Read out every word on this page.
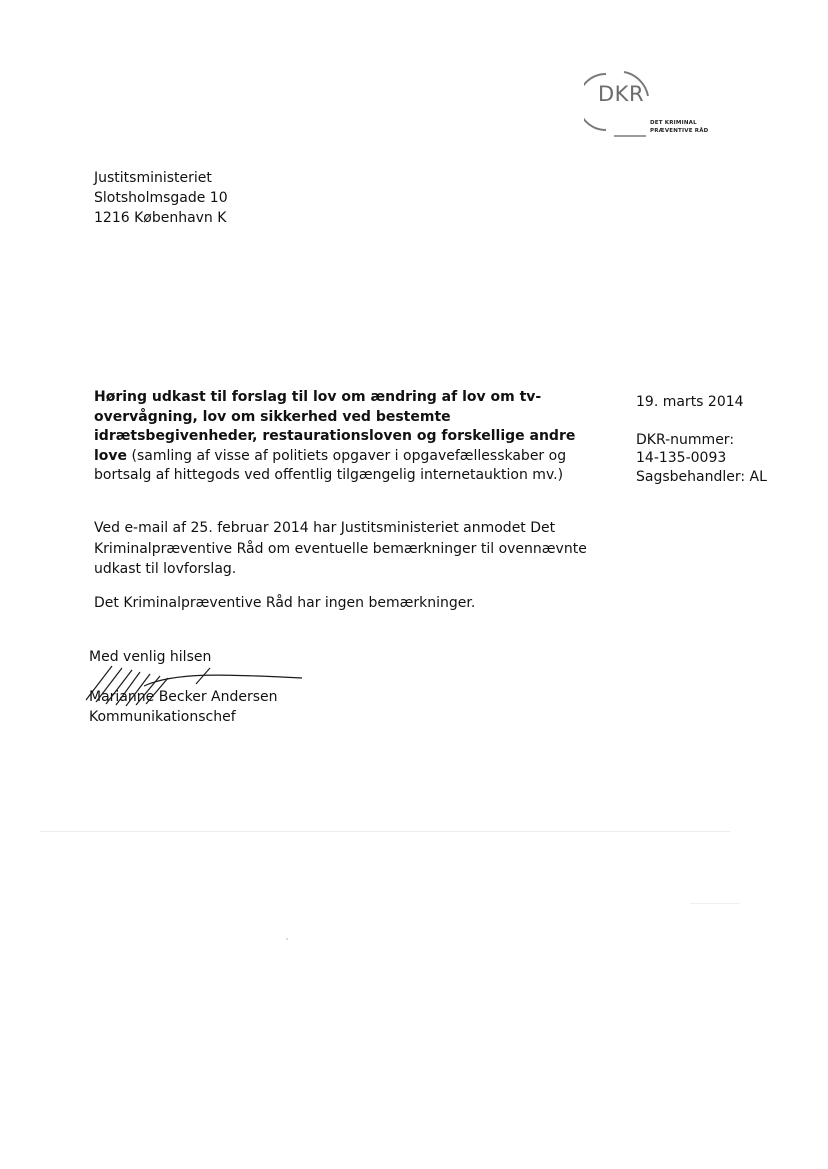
DKR
DET KRIMINAL
PRÆVENTIVE RÅD
Justitsministeriet
Slotsholmsgade 10
1216 København K
Høring udkast til forslag til lov om ændring af lov om tv-overvågning, lov om sikkerhed ved bestemte idrætsbegivenheder, restaurationsloven og forskellige andre love (samling af visse af politiets opgaver i opgavefællesskaber og bortsalg af hittegods ved offentlig tilgængelig internetauktion mv.)
19. marts 2014
DKR-nummer:
14-135-0093
Sagsbehandler: AL
Ved e-mail af 25. februar 2014 har Justitsministeriet anmodet Det Kriminalpræventive Råd om eventuelle bemærkninger til ovennævnte udkast til lovforslag.
Det Kriminalpræventive Råd har ingen bemærkninger.
Med venlig hilsen
Marianne Becker Andersen
Kommunikationschef
